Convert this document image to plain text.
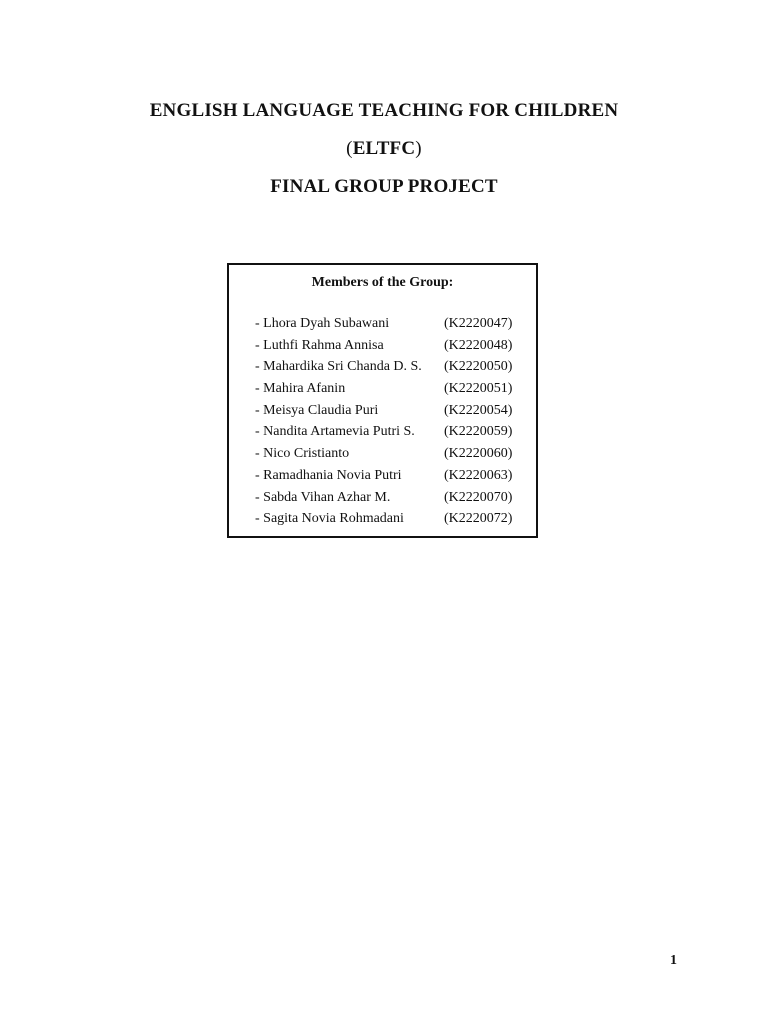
ENGLISH LANGUAGE TEACHING FOR CHILDREN

(ELTFC)

FINAL GROUP PROJECT

Members of the Group:
- Lhora Dyah Subawani	(K2220047)
- Luthfi Rahma Annisa	(K2220048)
- Mahardika Sri Chanda D. S. (K2220050)
- Mahira Afanin	(K2220051)
- Meisya Claudia Puri	(K2220054)
- Nandita Artamevia Putri S. (K2220059)
- Nico Cristianto	(K2220060)
- Ramadhania Novia Putri	(K2220063)
- Sabda Vihan Azhar M.	(K2220070)
- Sagita Novia Rohmadani	(K2220072)
1
